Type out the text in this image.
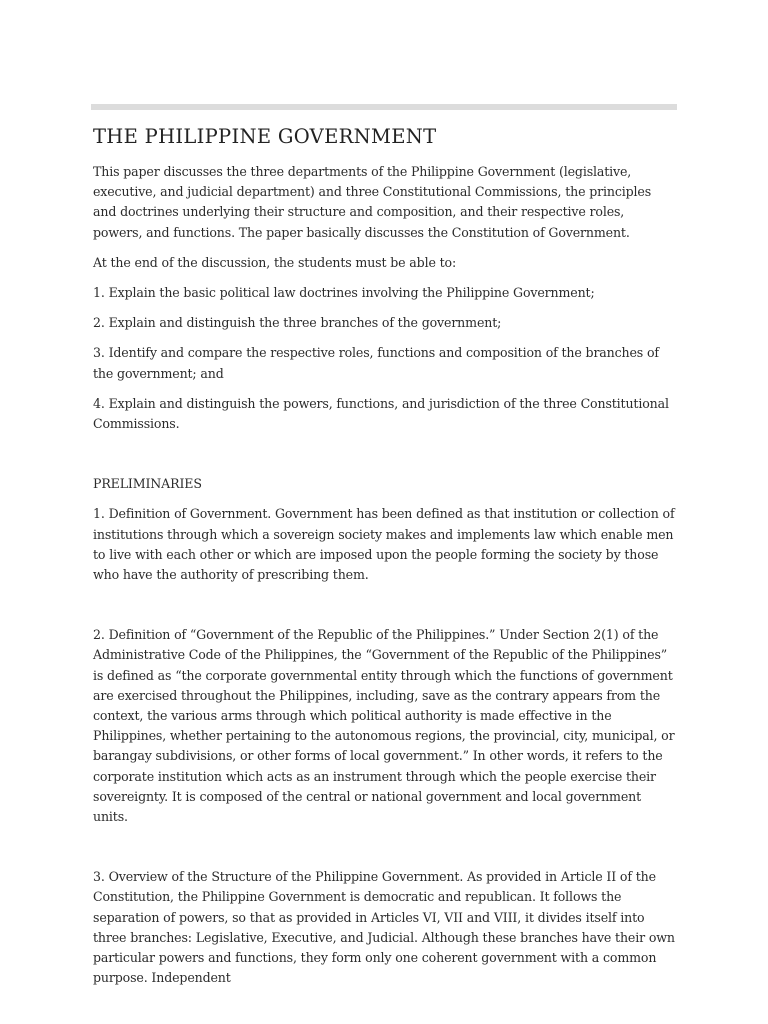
THE PHILIPPINE GOVERNMENT

This paper discusses the three departments of the Philippine Government (legislative, executive, and judicial department) and three Constitutional Commissions, the principles and doctrines underlying their structure and composition, and their respective roles, powers, and functions. The paper basically discusses the Constitution of Government.

At the end of the discussion, the students must be able to:

1. Explain the basic political law doctrines involving the Philippine Government;

2. Explain and distinguish the three branches of the government;

3. Identify and compare the respective roles, functions and composition of the branches of the government; and

4. Explain and distinguish the powers, functions, and jurisdiction of the three Constitutional Commissions.

PRELIMINARIES

1. Definition of Government. Government has been defined as that institution or collection of institutions through which a sovereign society makes and implements law which enable men to live with each other or which are imposed upon the people forming the society by those who have the authority of prescribing them.

2. Definition of “Government of the Republic of the Philippines.” Under Section 2(1) of the Administrative Code of the Philippines, the “Government of the Republic of the Philippines” is defined as “the corporate governmental entity through which the functions of government are exercised throughout the Philippines, including, save as the contrary appears from the context, the various arms through which political authority is made effective in the Philippines, whether pertaining to the autonomous regions, the provincial, city, municipal, or barangay subdivisions, or other forms of local government.” In other words, it refers to the corporate institution which acts as an instrument through which the people exercise their sovereignty. It is composed of the central or national government and local government units.

3. Overview of the Structure of the Philippine Government. As provided in Article II of the Constitution, the Philippine Government is democratic and republican. It follows the separation of powers, so that as provided in Articles VI, VII and VIII, it divides itself into three branches: Legislative, Executive, and Judicial. Although these branches have their own particular powers and functions, they form only one coherent government with a common purpose. Independent
